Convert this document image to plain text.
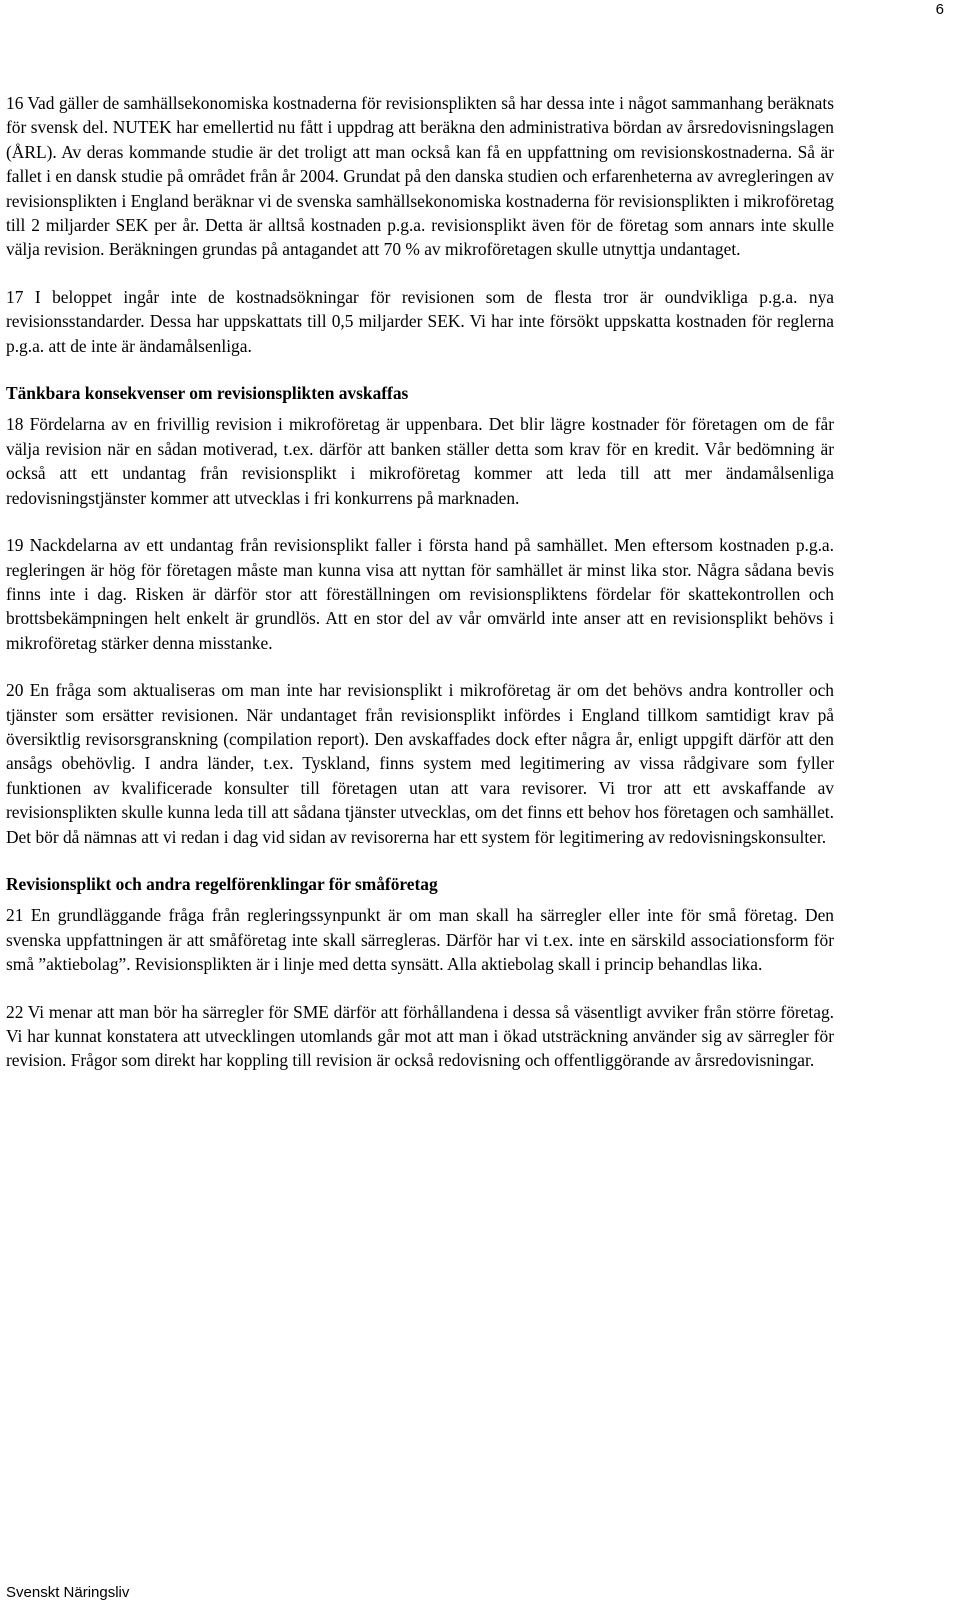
6

16 Vad gäller de samhällsekonomiska kostnaderna för revisionsplikten så har dessa inte i något sammanhang beräknats för svensk del. NUTEK har emellertid nu fått i uppdrag att beräkna den administrativa bördan av årsredovisningslagen (ÅRL). Av deras kommande studie är det troligt att man också kan få en uppfattning om revisionskostnaderna. Så är fallet i en dansk studie på området från år 2004. Grundat på den danska studien och erfarenheterna av avregleringen av revisionsplikten i England beräknar vi de svenska samhällsekonomiska kostnaderna för revisionsplikten i mikroföretag till 2 miljarder SEK per år. Detta är alltså kostnaden p.g.a. revisionsplikt även för de företag som annars inte skulle välja revision. Beräkningen grundas på antagandet att 70 % av mikroföretagen skulle utnyttja undantaget.

17 I beloppet ingår inte de kostnadsökningar för revisionen som de flesta tror är oundvikliga p.g.a. nya revisionsstandarder. Dessa har uppskattats till 0,5 miljarder SEK. Vi har inte försökt uppskatta kostnaden för reglerna p.g.a. att de inte är ändamålsenliga.

Tänkbara konsekvenser om revisionsplikten avskaffas

18 Fördelarna av en frivillig revision i mikroföretag är uppenbara. Det blir lägre kostnader för företagen om de får välja revision när en sådan motiverad, t.ex. därför att banken ställer detta som krav för en kredit. Vår bedömning är också att ett undantag från revisionsplikt i mikroföretag kommer att leda till att mer ändamålsenliga redovisningstjänster kommer att utvecklas i fri konkurrens på marknaden.

19 Nackdelarna av ett undantag från revisionsplikt faller i första hand på samhället. Men eftersom kostnaden p.g.a. regleringen är hög för företagen måste man kunna visa att nyttan för samhället är minst lika stor. Några sådana bevis finns inte i dag. Risken är därför stor att föreställningen om revisionspliktens fördelar för skattekontrollen och brottsbekämpningen helt enkelt är grundlös. Att en stor del av vår omvärld inte anser att en revisionsplikt behövs i mikroföretag stärker denna misstanke.

20 En fråga som aktualiseras om man inte har revisionsplikt i mikroföretag är om det behövs andra kontroller och tjänster som ersätter revisionen. När undantaget från revisionsplikt infördes i England tillkom samtidigt krav på översiktlig revisorsgranskning (compilation report). Den avskaffades dock efter några år, enligt uppgift därför att den ansågs obehövlig. I andra länder, t.ex. Tyskland, finns system med legitimering av vissa rådgivare som fyller funktionen av kvalificerade konsulter till företagen utan att vara revisorer. Vi tror att ett avskaffande av revisionsplikten skulle kunna leda till att sådana tjänster utvecklas, om det finns ett behov hos företagen och samhället. Det bör då nämnas att vi redan i dag vid sidan av revisorerna har ett system för legitimering av redovisningskonsulter.

Revisionsplikt och andra regelförenklingar för småföretag

21 En grundläggande fråga från regleringssynpunkt är om man skall ha särregler eller inte för små företag. Den svenska uppfattningen är att småföretag inte skall särregleras. Därför har vi t.ex. inte en särskild associationsform för små ”aktiebolag”. Revisionsplikten är i linje med detta synsätt. Alla aktiebolag skall i princip behandlas lika.

22 Vi menar att man bör ha särregler för SME därför att förhållandena i dessa så väsentligt avviker från större företag. Vi har kunnat konstatera att utvecklingen utomlands går mot att man i ökad utsträckning använder sig av särregler för revision. Frågor som direkt har koppling till revision är också redovisning och offentliggörande av årsredovisningar.

Svenskt Näringsliv
